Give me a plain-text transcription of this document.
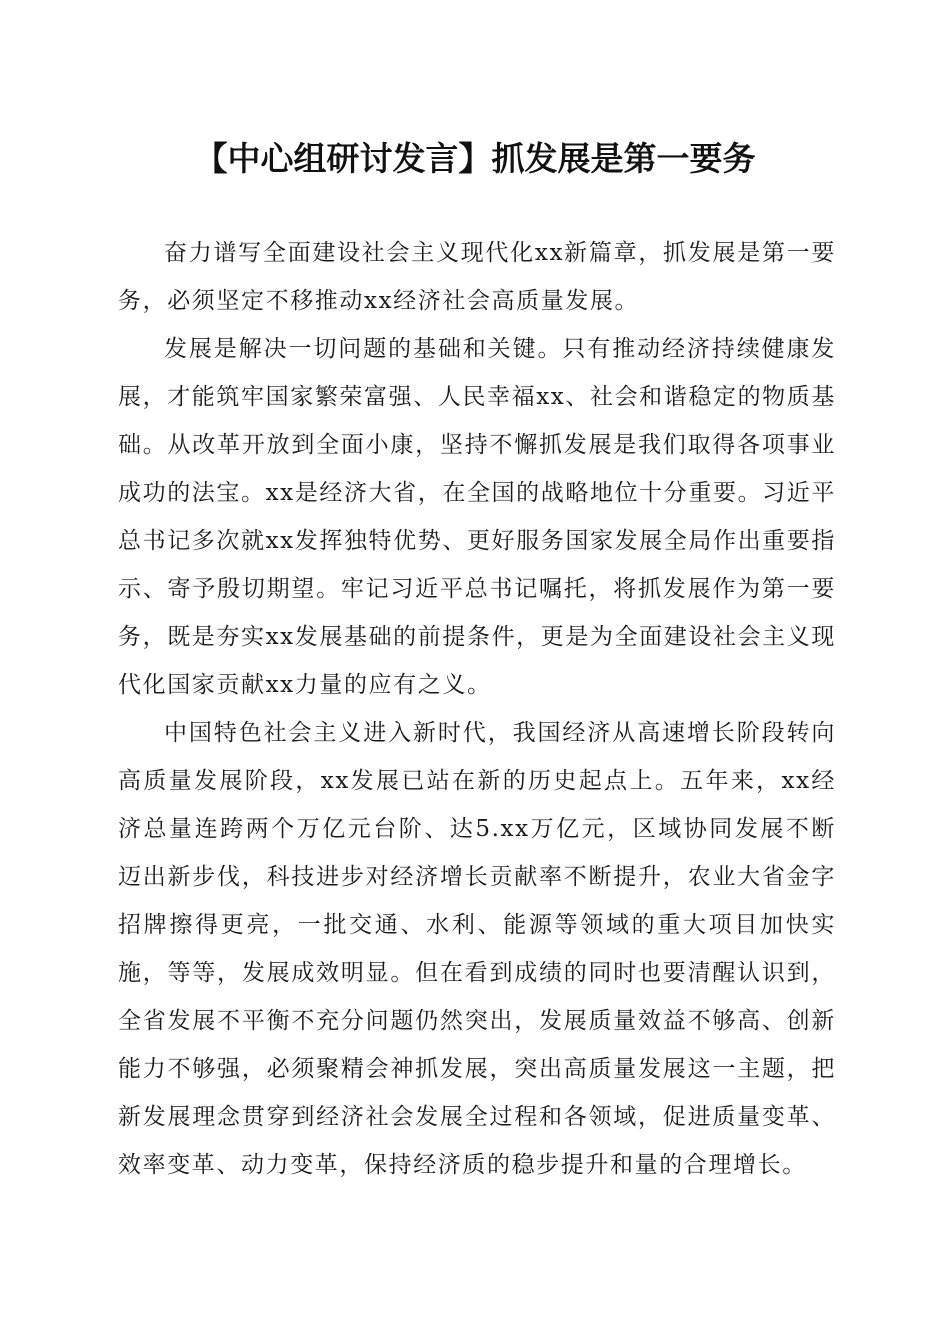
【中心组研讨发言】抓发展是第一要务

奋力谱写全面建设社会主义现代化xx新篇章，抓发展是第一要务，必须坚定不移推动xx经济社会高质量发展。

发展是解决一切问题的基础和关键。只有推动经济持续健康发展，才能筑牢国家繁荣富强、人民幸福xx、社会和谐稳定的物质基础。从改革开放到全面小康，坚持不懈抓发展是我们取得各项事业成功的法宝。xx是经济大省，在全国的战略地位十分重要。习近平总书记多次就xx发挥独特优势、更好服务国家发展全局作出重要指示、寄予殷切期望。牢记习近平总书记嘱托，将抓发展作为第一要务，既是夯实xx发展基础的前提条件，更是为全面建设社会主义现代化国家贡献xx力量的应有之义。

中国特色社会主义进入新时代，我国经济从高速增长阶段转向高质量发展阶段，xx发展已站在新的历史起点上。五年来，xx经济总量连跨两个万亿元台阶、达5.xx万亿元，区域协同发展不断迈出新步伐，科技进步对经济增长贡献率不断提升，农业大省金字招牌擦得更亮，一批交通、水利、能源等领域的重大项目加快实施，等等，发展成效明显。但在看到成绩的同时也要清醒认识到，全省发展不平衡不充分问题仍然突出，发展质量效益不够高、创新能力不够强，必须聚精会神抓发展，突出高质量发展这一主题，把新发展理念贯穿到经济社会发展全过程和各领域，促进质量变革、效率变革、动力变革，保持经济质的稳步提升和量的合理增长。
